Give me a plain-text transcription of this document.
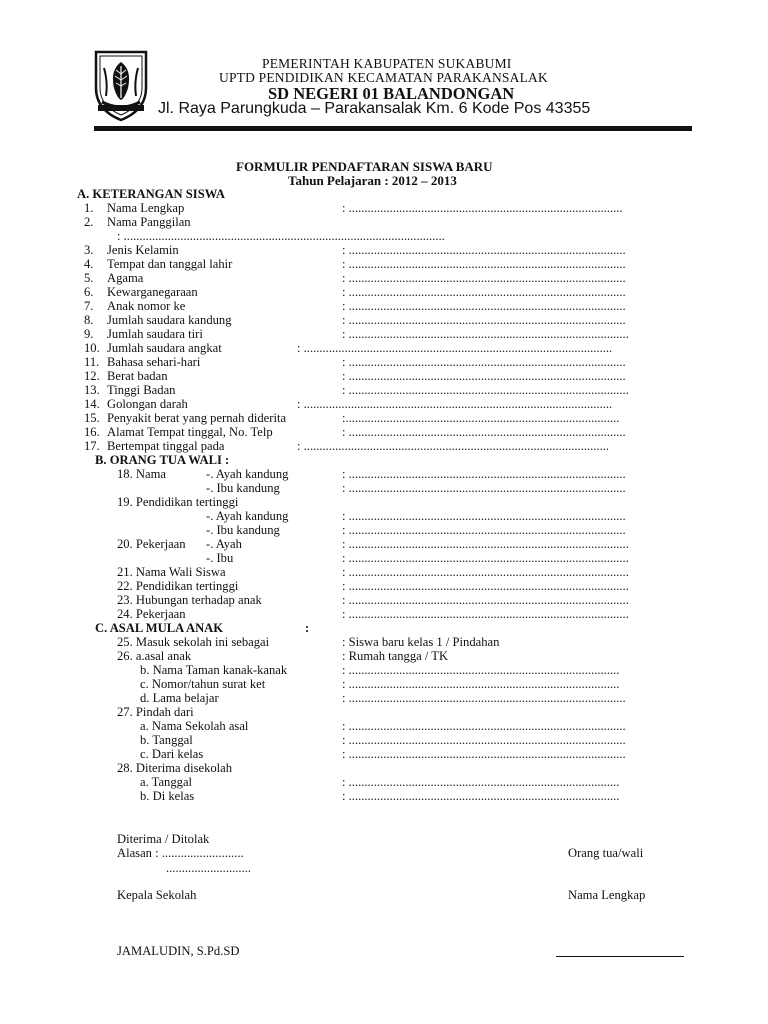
PEMERINTAH KABUPATEN SUKABUMI
UPTD PENDIDIKAN KECAMATAN PARAKANSALAK
SD NEGERI 01 BALANDONGAN
Jl. Raya Parungkuda – Parakansalak Km. 6 Kode Pos 43355
FORMULIR PENDAFTARAN SISWA BARU
Tahun Pelajaran : 2012 – 2013
A. KETERANGAN SISWA
1. Nama Lengkap	: .......................................................................................
2. Nama Panggilan
: ......................................................................................................
3. Jenis Kelamin	: ........................................................................................
4. Tempat dan tanggal lahir	: ........................................................................................
5. Agama	: ........................................................................................
6. Kewarganegaraan	: ........................................................................................
7. Anak nomor ke	: ........................................................................................
8. Jumlah saudara kandung	: ........................................................................................
9. Jumlah saudara tiri	: .........................................................................................
10. Jumlah saudara angkat	: ..................................................................................................
11. Bahasa sehari-hari	: ........................................................................................
12. Berat badan	: ........................................................................................
13. Tinggi Badan	: .........................................................................................
14. Golongan darah	: ..................................................................................................
15. Penyakit berat yang pernah diderita	:.......................................................................................
16. Alamat Tempat tinggal, No. Telp	: ........................................................................................
17. Bertempat tinggal pada	: .................................................................................................
B. ORANG TUA WALI :
18. Nama	-. Ayah kandung	: ........................................................................................
-. Ibu kandung	: ........................................................................................
19. Pendidikan tertinggi
-. Ayah kandung	: ........................................................................................
-. Ibu kandung	: ........................................................................................
20. Pekerjaan -. Ayah	: .........................................................................................
-. Ibu	: .........................................................................................
21. Nama Wali Siswa	: .........................................................................................
22. Pendidikan tertinggi	: .........................................................................................
23. Hubungan terhadap anak	: .........................................................................................
24. Pekerjaan	: .........................................................................................
C. ASAL MULA ANAK	:
25. Masuk sekolah ini sebagai	: Siswa baru kelas 1 / Pindahan
26. a.asal anak	: Rumah tangga / TK
b. Nama Taman kanak-kanak	: ......................................................................................
c. Nomor/tahun surat ket	: ......................................................................................
d. Lama belajar	: ........................................................................................
27. Pindah dari
a. Nama Sekolah asal	: ........................................................................................
b. Tanggal	: ........................................................................................
c. Dari kelas	: ........................................................................................
28. Diterima disekolah
a. Tanggal	: ......................................................................................
b. Di kelas	: ......................................................................................
Diterima / Ditolak
Alasan : ..........................
...........................
Orang tua/wali
Kepala Sekolah	Nama Lengkap
JAMALUDIN, S.Pd.SD
